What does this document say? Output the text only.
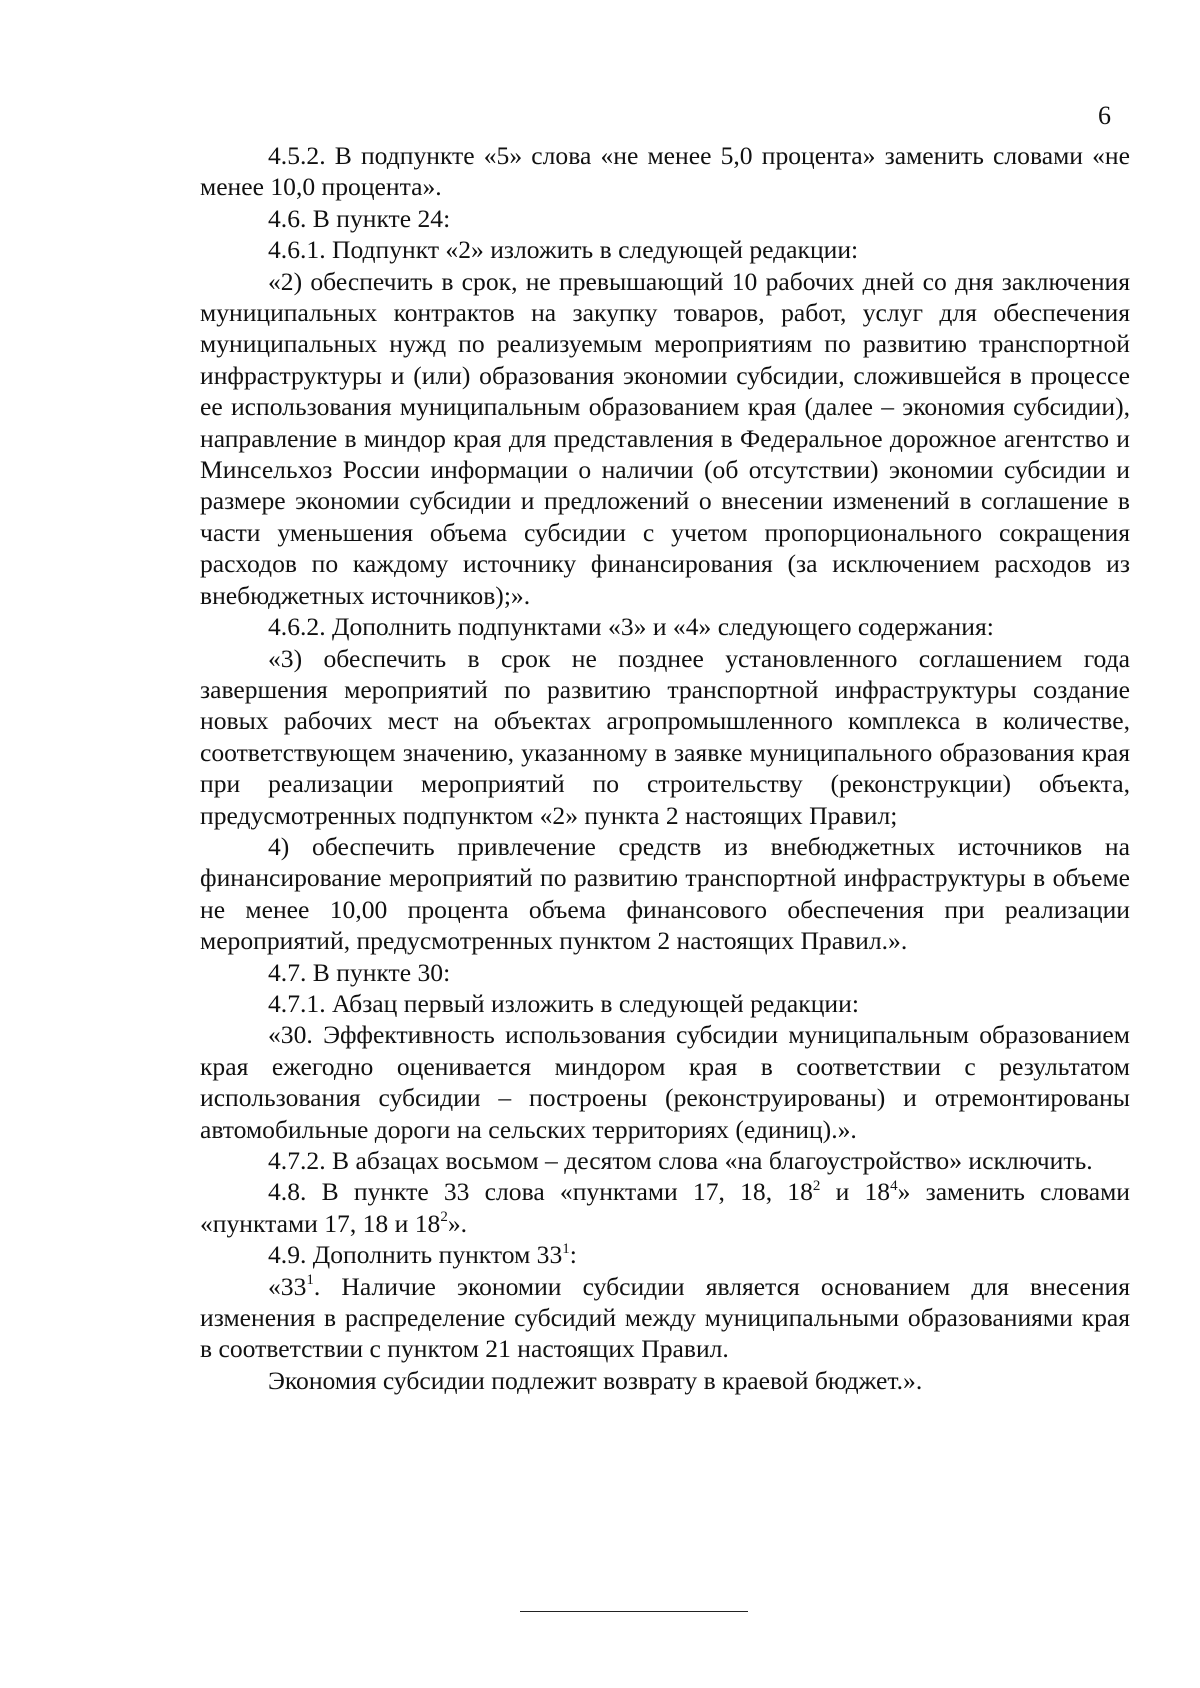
6

4.5.2. В подпункте «5» слова «не менее 5,0 процента» заменить словами «не менее 10,0 процента».

4.6. В пункте 24:

4.6.1. Подпункт «2» изложить в следующей редакции:

«2) обеспечить в срок, не превышающий 10 рабочих дней со дня заключения муниципальных контрактов на закупку товаров, работ, услуг для обеспечения муниципальных нужд по реализуемым мероприятиям по развитию транспортной инфраструктуры и (или) образования экономии субсидии, сложившейся в процессе ее использования муниципальным образованием края (далее – экономия субсидии), направление в миндор края для представления в Федеральное дорожное агентство и Минсельхоз России информации о наличии (об отсутствии) экономии субсидии и размере экономии субсидии и предложений о внесении изменений в соглашение в части уменьшения объема субсидии с учетом пропорционального сокращения расходов по каждому источнику финансирования (за исключением расходов из внебюджетных источников);».

4.6.2. Дополнить подпунктами «3» и «4» следующего содержания:

«3) обеспечить в срок не позднее установленного соглашением года завершения мероприятий по развитию транспортной инфраструктуры создание новых рабочих мест на объектах агропромышленного комплекса в количестве, соответствующем значению, указанному в заявке муниципального образования края при реализации мероприятий по строительству (реконструкции) объекта, предусмотренных подпунктом «2» пункта 2 настоящих Правил;

4) обеспечить привлечение средств из внебюджетных источников на финансирование мероприятий по развитию транспортной инфраструктуры в объеме не менее 10,00 процента объема финансового обеспечения при реализации мероприятий, предусмотренных пунктом 2 настоящих Правил.».

4.7. В пункте 30:

4.7.1. Абзац первый изложить в следующей редакции:

«30. Эффективность использования субсидии муниципальным образованием края ежегодно оценивается миндором края в соответствии с результатом использования субсидии – построены (реконструированы) и отремонтированы автомобильные дороги на сельских территориях (единиц).».

4.7.2. В абзацах восьмом – десятом слова «на благоустройство» исключить.

4.8. В пункте 33 слова «пунктами 17, 18, $18^2$ и $18^4$» заменить словами «пунктами 17, 18 и $18^2$».

4.9. Дополнить пунктом $33^1$:

«$33^1$. Наличие экономии субсидии является основанием для внесения изменения в распределение субсидий между муниципальными образованиями края в соответствии с пунктом 21 настоящих Правил.

Экономия субсидии подлежит возврату в краевой бюджет.».
